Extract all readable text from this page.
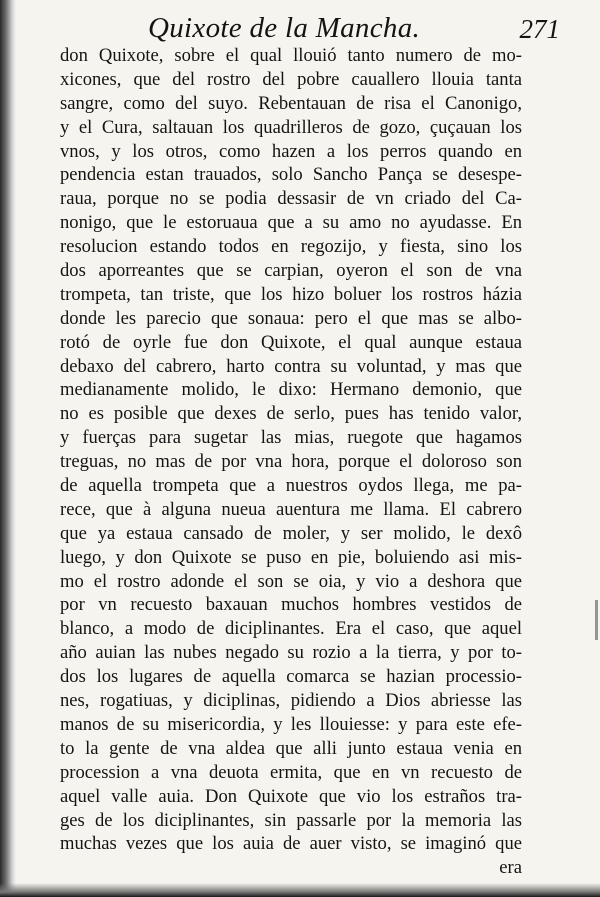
Quixote de la Mancha.	271
don Quixote, sobre el qual llouió tanto numero de mo-
xicones, que del rostro del pobre cauallero llouia tanta
sangre, como del suyo. Rebentauan de risa el Canonigo,
y el Cura, saltauan los quadrilleros de gozo, çuçauan los
vnos, y los otros, como hazen a los perros quando en
pendencia estan trauados, solo Sancho Pança se desespe-
raua, porque no se podia dessasir de vn criado del Ca-
nonigo, que le estoruaua que a su amo no ayudasse. En
resolucion estando todos en regozijo, y fiesta, sino los
dos aporreantes que se carpian, oyeron el son de vna
trompeta, tan triste, que los hizo boluer los rostros házia
donde les parecio que sonaua: pero el que mas se albo-
rotó de oyrle fue don Quixote, el qual aunque estaua
debaxo del cabrero, harto contra su voluntad, y mas que
medianamente molido, le dixo: Hermano demonio, que
no es posible que dexes de serlo, pues has tenido valor,
y fuerças para sugetar las mias, ruegote que hagamos
treguas, no mas de por vna hora, porque el doloroso son
de aquella trompeta que a nuestros oydos llega, me pa-
rece, que à alguna nueua auentura me llama. El cabrero
que ya estaua cansado de moler, y ser molido, le dexô
luego, y don Quixote se puso en pie, boluiendo asi mis-
mo el rostro adonde el son se oia, y vio a deshora que
por vn recuesto baxauan muchos hombres vestidos de
blanco, a modo de diciplinantes. Era el caso, que aquel
año auian las nubes negado su rozio a la tierra, y por to-
dos los lugares de aquella comarca se hazian processio-
nes, rogatiuas, y diciplinas, pidiendo a Dios abriesse las
manos de su misericordia, y les llouiesse: y para este efe-
to la gente de vna aldea que alli junto estaua venia en
procession a vna deuota ermita, que en vn recuesto de
aquel valle auia. Don Quixote que vio los estraños tra-
ges de los diciplinantes, sin passarle por la memoria las
muchas vezes que los auia de auer visto, se imaginó que
era
